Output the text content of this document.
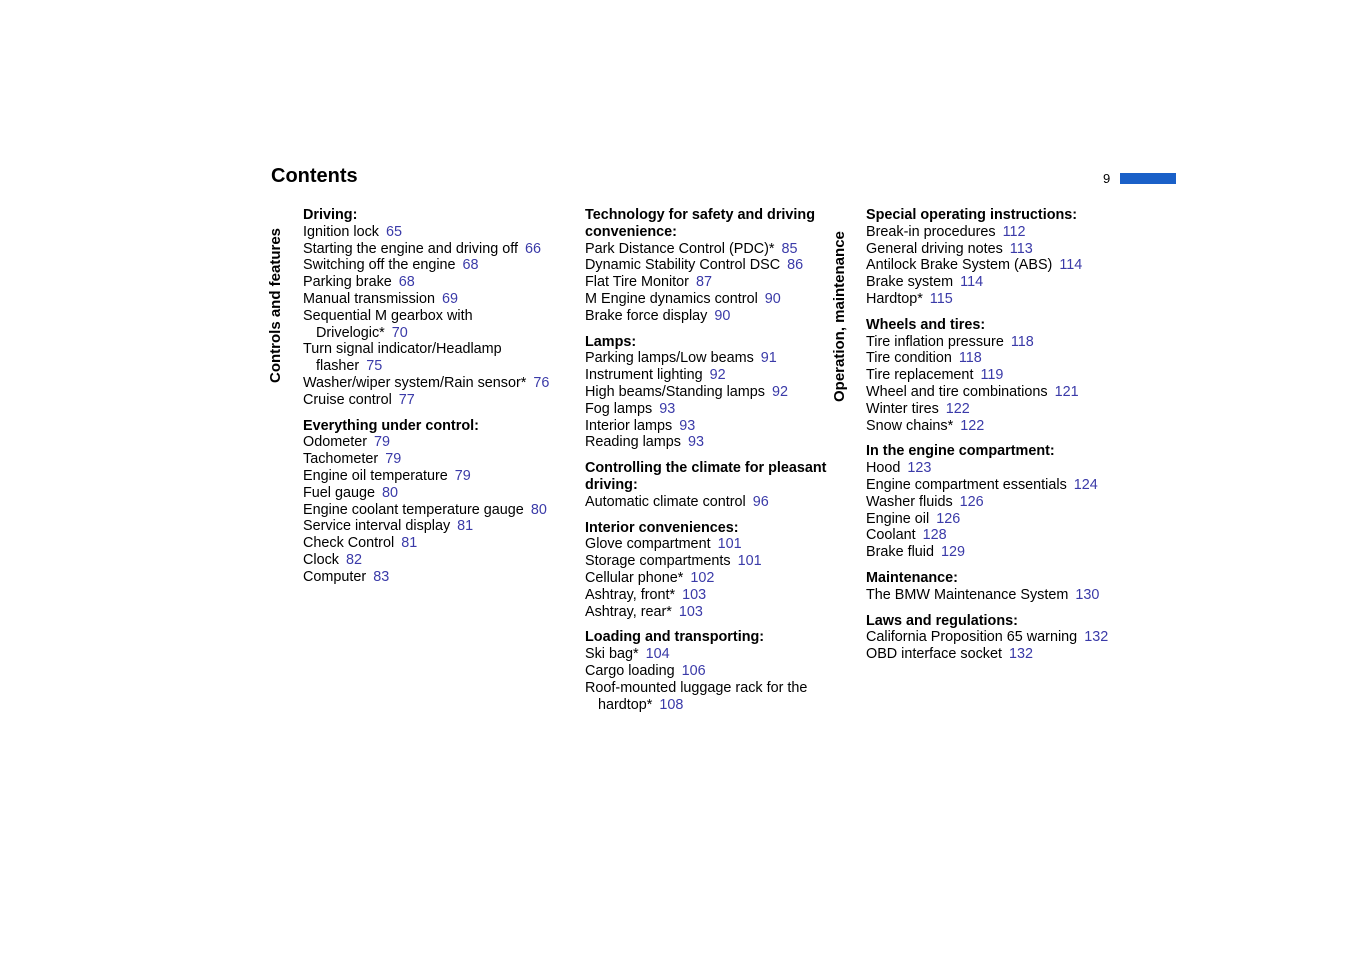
Contents	9
Controls and features	Operation, maintenance
Driving:
Ignition lock 65
Starting the engine and driving off 66
Switching off the engine 68
Parking brake 68
Manual transmission 69
Sequential M gearbox with Drivelogic* 70
Turn signal indicator/Headlamp flasher 75
Washer/wiper system/Rain sensor* 76
Cruise control 77
Everything under control:
Odometer 79
Tachometer 79
Engine oil temperature 79
Fuel gauge 80
Engine coolant temperature gauge 80
Service interval display 81
Check Control 81
Clock 82
Computer 83
Technology for safety and driving convenience:
Park Distance Control (PDC)* 85
Dynamic Stability Control DSC 86
Flat Tire Monitor 87
M Engine dynamics control 90
Brake force display 90
Lamps:
Parking lamps/Low beams 91
Instrument lighting 92
High beams/Standing lamps 92
Fog lamps 93
Interior lamps 93
Reading lamps 93
Controlling the climate for pleasant driving:
Automatic climate control 96
Interior conveniences:
Glove compartment 101
Storage compartments 101
Cellular phone* 102
Ashtray, front* 103
Ashtray, rear* 103
Loading and transporting:
Ski bag* 104
Cargo loading 106
Roof-mounted luggage rack for the hardtop* 108
Special operating instructions:
Break-in procedures 112
General driving notes 113
Antilock Brake System (ABS) 114
Brake system 114
Hardtop* 115
Wheels and tires:
Tire inflation pressure 118
Tire condition 118
Tire replacement 119
Wheel and tire combinations 121
Winter tires 122
Snow chains* 122
In the engine compartment:
Hood 123
Engine compartment essentials 124
Washer fluids 126
Engine oil 126
Coolant 128
Brake fluid 129
Maintenance:
The BMW Maintenance System 130
Laws and regulations:
California Proposition 65 warning 132
OBD interface socket 132
